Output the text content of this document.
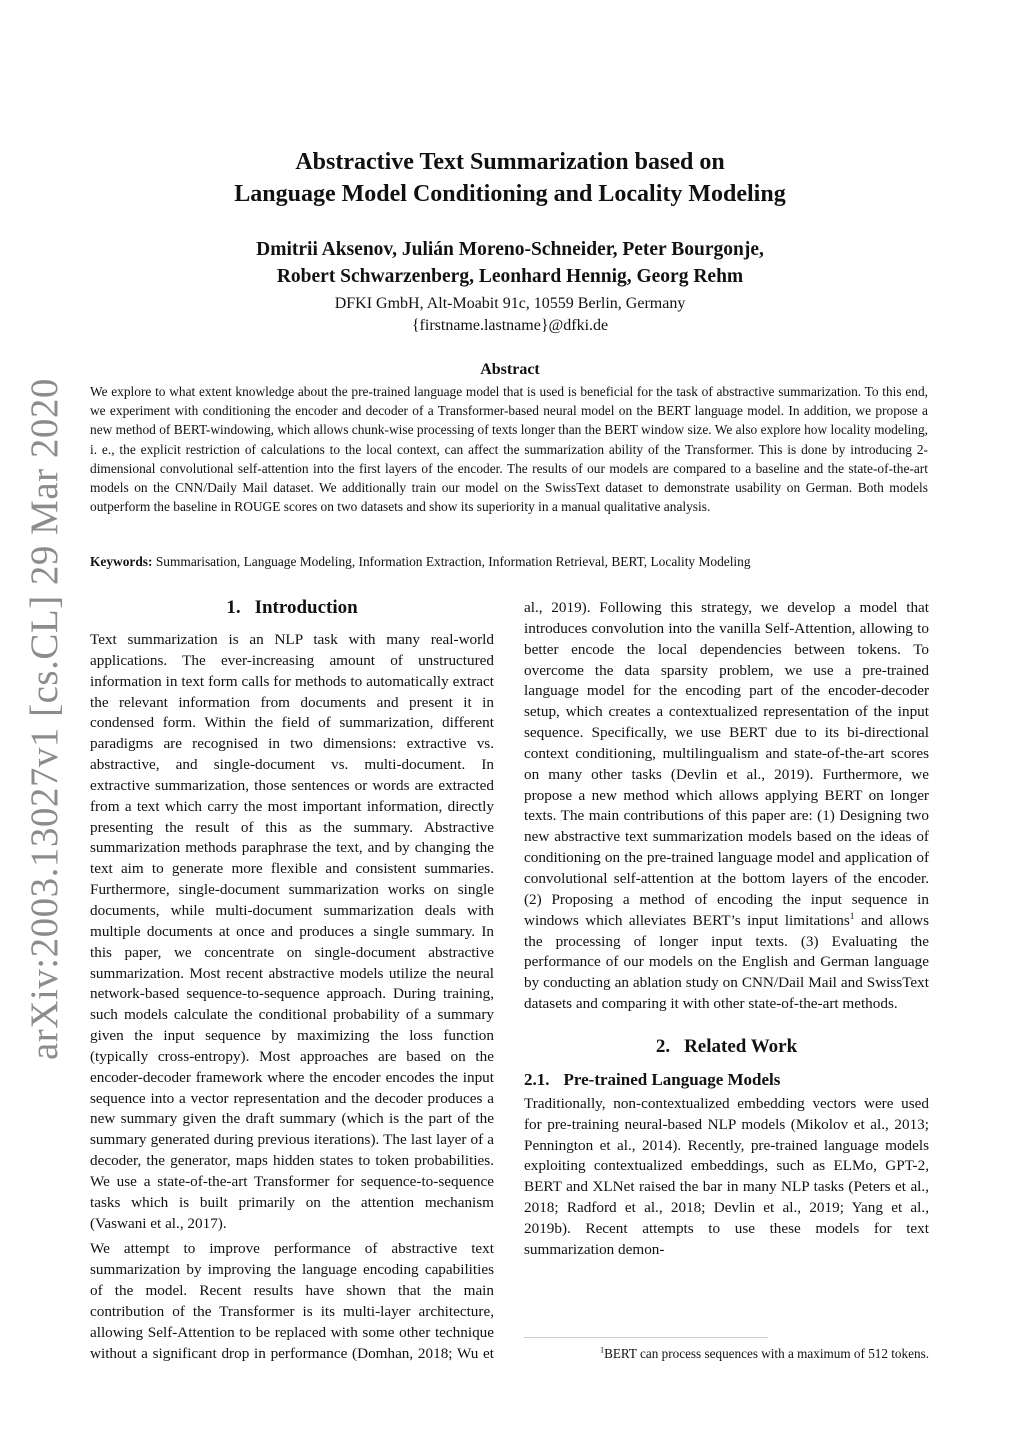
arXiv:2003.13027v1 [cs.CL] 29 Mar 2020
Abstractive Text Summarization based on
Language Model Conditioning and Locality Modeling
Dmitrii Aksenov, Julián Moreno-Schneider, Peter Bourgonje,
Robert Schwarzenberg, Leonhard Hennig, Georg Rehm
DFKI GmbH, Alt-Moabit 91c, 10559 Berlin, Germany
{firstname.lastname}@dfki.de
Abstract
We explore to what extent knowledge about the pre-trained language model that is used is beneficial for the task of abstractive summarization. To this end, we experiment with conditioning the encoder and decoder of a Transformer-based neural model on the BERT language model. In addition, we propose a new method of BERT-windowing, which allows chunk-wise processing of texts longer than the BERT window size. We also explore how locality modeling, i. e., the explicit restriction of calculations to the local context, can affect the summarization ability of the Transformer. This is done by introducing 2-dimensional convolutional self-attention into the first layers of the encoder. The results of our models are compared to a baseline and the state-of-the-art models on the CNN/Daily Mail dataset. We additionally train our model on the SwissText dataset to demonstrate usability on German. Both models outperform the baseline in ROUGE scores on two datasets and show its superiority in a manual qualitative analysis.
Keywords: Summarisation, Language Modeling, Information Extraction, Information Retrieval, BERT, Locality Modeling
1. Introduction

Text summarization is an NLP task with many real-world applications. The ever-increasing amount of unstructured information in text form calls for methods to automatically extract the relevant information from documents and present it in condensed form. Within the field of summarization, different paradigms are recognised in two dimensions: extractive vs. abstractive, and single-document vs. multi-document. In extractive summarization, those sentences or words are extracted from a text which carry the most important information, directly presenting the result of this as the summary. Abstractive summarization methods paraphrase the text, and by changing the text aim to generate more flexible and consistent summaries. Furthermore, single-document summarization works on single documents, while multi-document summarization deals with multiple documents at once and produces a single summary. In this paper, we concentrate on single-document abstractive summarization. Most recent abstractive models utilize the neural network-based sequence-to-sequence approach. During training, such models calculate the conditional probability of a summary given the input sequence by maximizing the loss function (typically cross-entropy). Most approaches are based on the encoder-decoder framework where the encoder encodes the input sequence into a vector representation and the decoder produces a new summary given the draft summary (which is the part of the summary generated during previous iterations). The last layer of a decoder, the generator, maps hidden states to token probabilities. We use a state-of-the-art Transformer for sequence-to-sequence tasks which is built primarily on the attention mechanism (Vaswani et al., 2017).

We attempt to improve performance of abstractive text summarization by improving the language encoding capabilities of the model. Recent results have shown that the main contribution of the Transformer is its multi-layer architecture, allowing Self-Attention to be replaced with some other technique without a significant drop in performance (Domhan, 2018; Wu et

al., 2019). Following this strategy, we develop a model that introduces convolution into the vanilla Self-Attention, allowing to better encode the local dependencies between tokens. To overcome the data sparsity problem, we use a pre-trained language model for the encoding part of the encoder-decoder setup, which creates a contextualized representation of the input sequence. Specifically, we use BERT due to its bi-directional context conditioning, multilingualism and state-of-the-art scores on many other tasks (Devlin et al., 2019). Furthermore, we propose a new method which allows applying BERT on longer texts. The main contributions of this paper are: (1) Designing two new abstractive text summarization models based on the ideas of conditioning on the pre-trained language model and application of convolutional self-attention at the bottom layers of the encoder. (2) Proposing a method of encoding the input sequence in windows which alleviates BERT’s input limitations$^1$ and allows the processing of longer input texts. (3) Evaluating the performance of our models on the English and German language by conducting an ablation study on CNN/Dail Mail and SwissText datasets and comparing it with other state-of-the-art methods.

2. Related Work
2.1. Pre-trained Language Models

Traditionally, non-contextualized embedding vectors were used for pre-training neural-based NLP models (Mikolov et al., 2013; Pennington et al., 2014). Recently, pre-trained language models exploiting contextualized embeddings, such as ELMo, GPT-2, BERT and XLNet raised the bar in many NLP tasks (Peters et al., 2018; Radford et al., 2018; Devlin et al., 2019; Yang et al., 2019b). Recent attempts to use these models for text summarization demon-

$^1$BERT can process sequences with a maximum of 512 tokens.
